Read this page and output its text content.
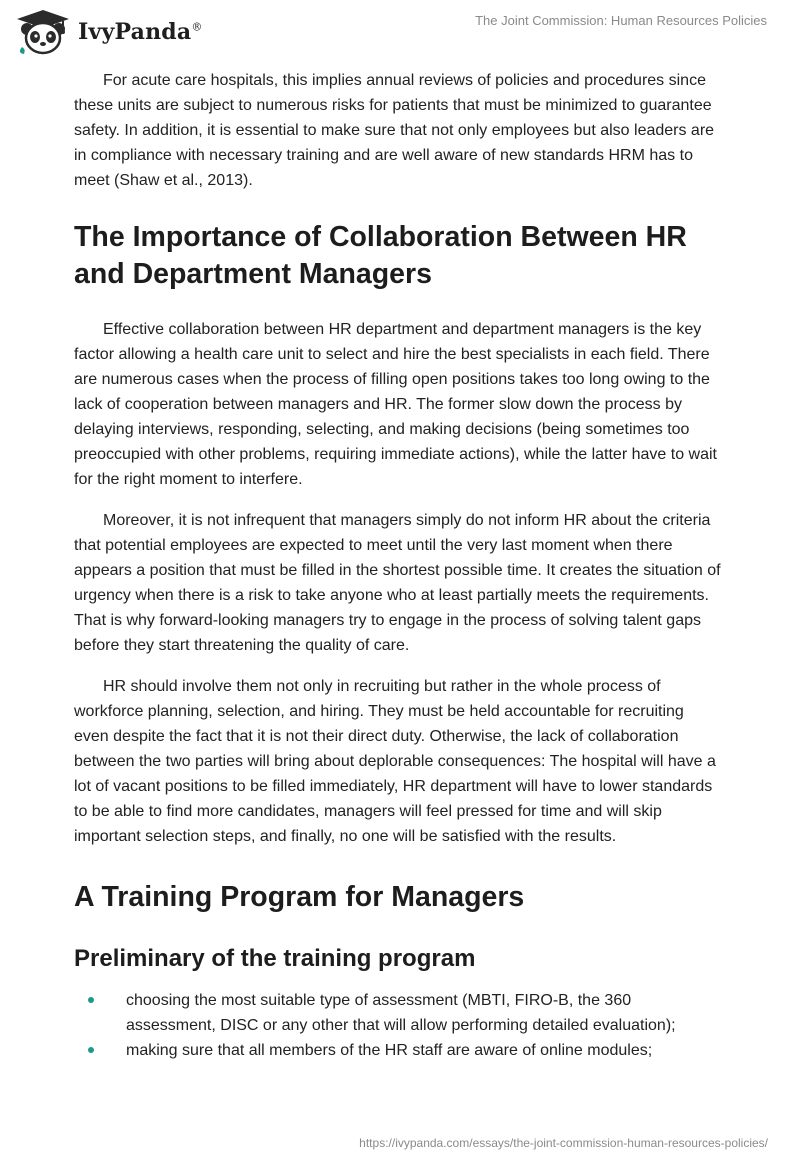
IvyPanda®	The Joint Commission: Human Resources Policies

For acute care hospitals, this implies annual reviews of policies and procedures since these units are subject to numerous risks for patients that must be minimized to guarantee safety. In addition, it is essential to make sure that not only employees but also leaders are in compliance with necessary training and are well aware of new standards HRM has to meet (Shaw et al., 2013).

The Importance of Collaboration Between HR and Department Managers

Effective collaboration between HR department and department managers is the key factor allowing a health care unit to select and hire the best specialists in each field. There are numerous cases when the process of filling open positions takes too long owing to the lack of cooperation between managers and HR. The former slow down the process by delaying interviews, responding, selecting, and making decisions (being sometimes too preoccupied with other problems, requiring immediate actions), while the latter have to wait for the right moment to interfere.

Moreover, it is not infrequent that managers simply do not inform HR about the criteria that potential employees are expected to meet until the very last moment when there appears a position that must be filled in the shortest possible time. It creates the situation of urgency when there is a risk to take anyone who at least partially meets the requirements. That is why forward-looking managers try to engage in the process of solving talent gaps before they start threatening the quality of care.

HR should involve them not only in recruiting but rather in the whole process of workforce planning, selection, and hiring. They must be held accountable for recruiting even despite the fact that it is not their direct duty. Otherwise, the lack of collaboration between the two parties will bring about deplorable consequences: The hospital will have a lot of vacant positions to be filled immediately, HR department will have to lower standards to be able to find more candidates, managers will feel pressed for time and will skip important selection steps, and finally, no one will be satisfied with the results.

A Training Program for Managers
Preliminary of the training program
choosing the most suitable type of assessment (MBTI, FIRO-B, the 360 assessment, DISC or any other that will allow performing detailed evaluation);
making sure that all members of the HR staff are aware of online modules;
https://ivypanda.com/essays/the-joint-commission-human-resources-policies/
